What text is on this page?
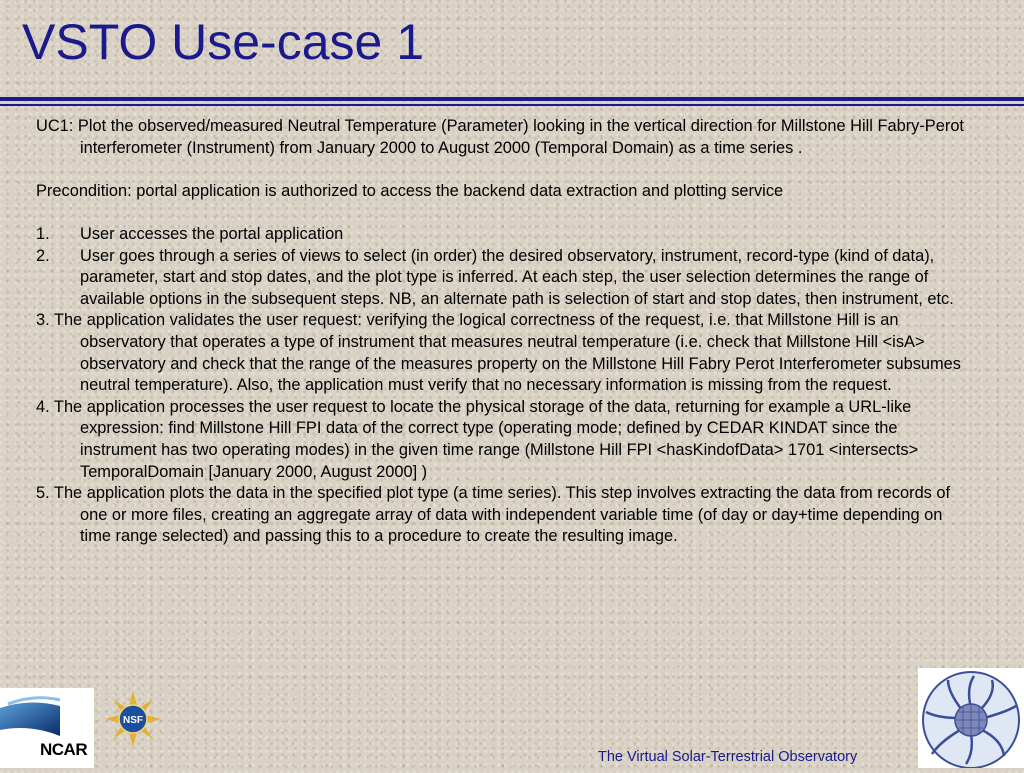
VSTO Use-case 1

UC1: Plot the observed/measured Neutral Temperature (Parameter) looking in the vertical direction for Millstone Hill Fabry-Perot interferometer (Instrument) from January 2000 to August 2000 (Temporal Domain) as a time series .

Precondition: portal application is authorized to access the backend data extraction and plotting service

1. User accesses the portal application
2. User goes through a series of views to select (in order) the desired observatory, instrument, record-type (kind of data), parameter, start and stop dates, and the plot type is inferred. At each step, the user selection determines the range of available options in the subsequent steps. NB, an alternate path is selection of start and stop dates, then instrument, etc.

3. The application validates the user request: verifying the logical correctness of the request, i.e. that Millstone Hill is an observatory that operates a type of instrument that measures neutral temperature (i.e. check that Millstone Hill <isA> observatory and check that the range of the measures property on the Millstone Hill Fabry Perot Interferometer subsumes neutral temperature). Also, the application must verify that no necessary information is missing from the request.

4. The application processes the user request to locate the physical storage of the data, returning for example a URL-like expression: find Millstone Hill FPI data of the correct type (operating mode; defined by CEDAR KINDAT since the instrument has two operating modes) in the given time range (Millstone Hill FPI <hasKindofData> 1701 <intersects> TemporalDomain [January 2000, August 2000] )

5. The application plots the data in the specified plot type (a time series). This step involves extracting the data from records of one or more files, creating an aggregate array of data with independent variable time (of day or day+time depending on time range selected) and passing this to a procedure to create the resulting image.

NCAR
NSF
The Virtual Solar-Terrestrial Observatory
